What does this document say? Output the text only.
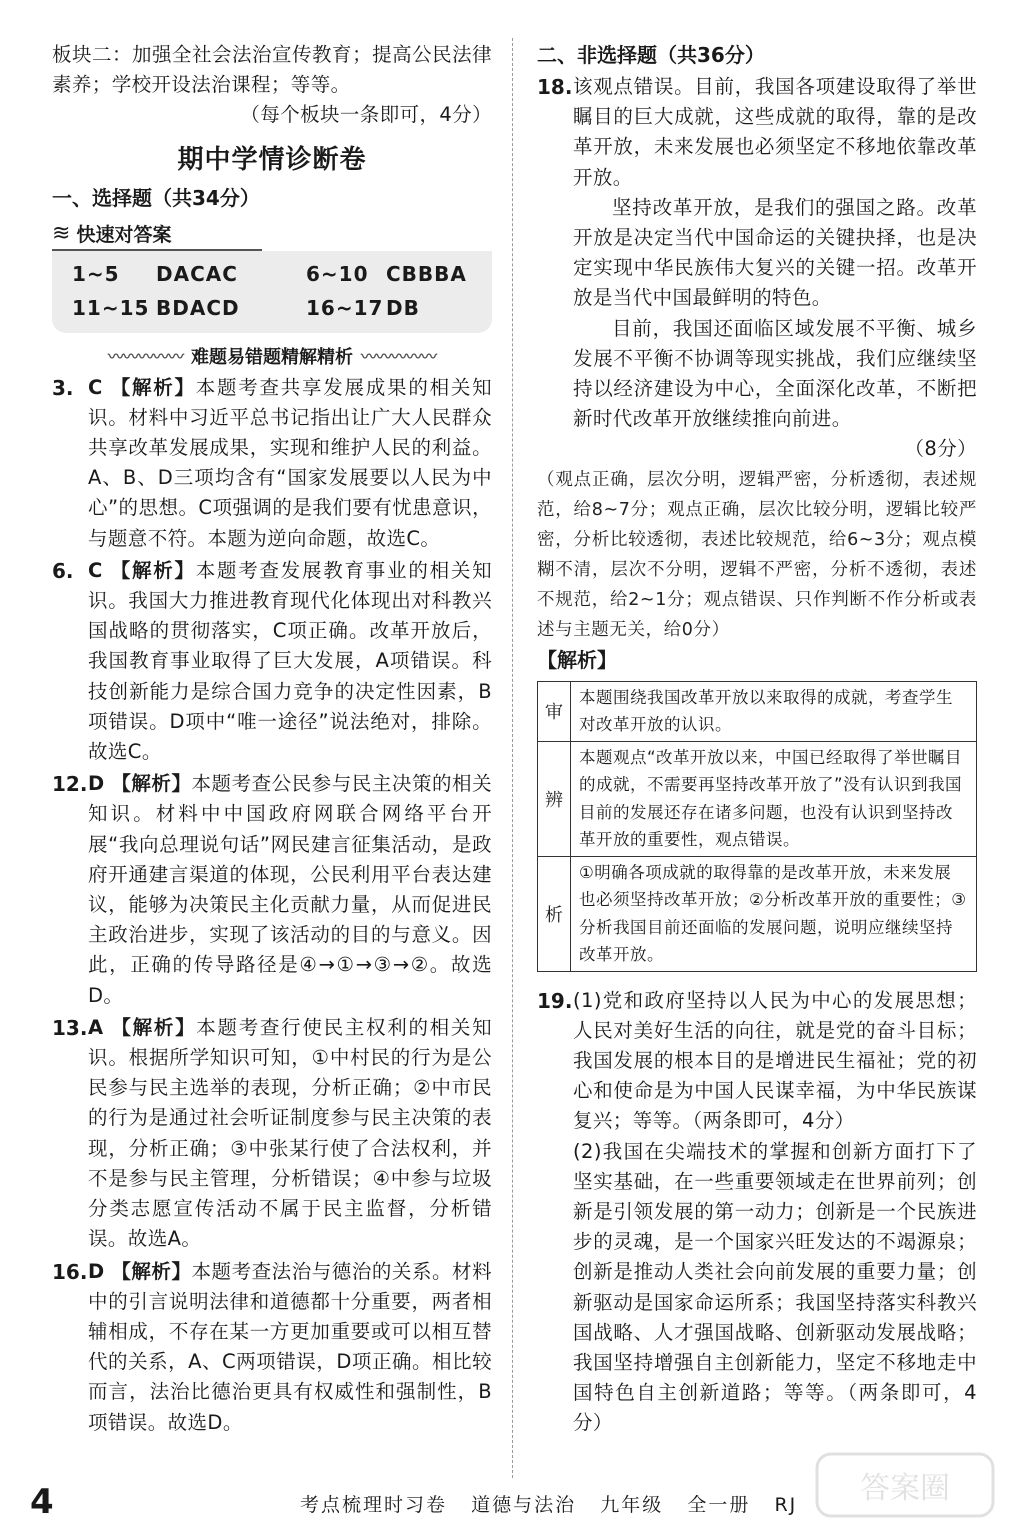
板块二：加强全社会法治宣传教育；提高公民法律素养；学校开设法治课程；等等。

（每个板块一条即可，4分）

期中学情诊断卷
一、选择题（共34分）
≋ 快速对答案
1~5	DACAC	6~10 CBBBA
11~15 BDACD	16~17 DB
〰〰〰〰〰 难题易错题精解精析 〰〰〰〰〰
3. C 【解析】本题考查共享发展成果的相关知识。材料中习近平总书记指出让广大人民群众共享改革发展成果，实现和维护人民的利益。A、B、D三项均含有“国家发展要以人民为中心”的思想。C项强调的是我们要有忧患意识，与题意不符。本题为逆向命题，故选C。

6. C 【解析】本题考查发展教育事业的相关知识。我国大力推进教育现代化体现出对科教兴国战略的贯彻落实，C项正确。改革开放后，我国教育事业取得了巨大发展，A项错误。科技创新能力是综合国力竞争的决定性因素，B项错误。D项中“唯一途径”说法绝对，排除。故选C。

12. D 【解析】本题考查公民参与民主决策的相关知识。材料中中国政府网联合网络平台开展“我向总理说句话”网民建言征集活动，是政府开通建言渠道的体现，公民利用平台表达建议，能够为决策民主化贡献力量，从而促进民主政治进步，实现了该活动的目的与意义。因此，正确的传导路径是④→①→③→②。故选D。

13. A 【解析】本题考查行使民主权利的相关知识。根据所学知识可知，①中村民的行为是公民参与民主选举的表现，分析正确；②中市民的行为是通过社会听证制度参与民主决策的表现，分析正确；③中张某行使了合法权利，并不是参与民主管理，分析错误；④中参与垃圾分类志愿宣传活动不属于民主监督，分析错误。故选A。

16. D 【解析】本题考查法治与德治的关系。材料中的引言说明法律和道德都十分重要，两者相辅相成，不存在某一方更加重要或可以相互替代的关系，A、C两项错误，D项正确。相比较而言，法治比德治更具有权威性和强制性，B项错误。故选D。

二、非选择题（共36分）
18. 该观点错误。目前，我国各项建设取得了举世瞩目的巨大成就，这些成就的取得，靠的是改革开放，未来发展也必须坚定不移地依靠改革开放。

坚持改革开放，是我们的强国之路。改革开放是决定当代中国命运的关键抉择，也是决定实现中华民族伟大复兴的关键一招。改革开放是当代中国最鲜明的特色。

目前，我国还面临区域发展不平衡、城乡发展不平衡不协调等现实挑战，我们应继续坚持以经济建设为中心，全面深化改革，不断把新时代改革开放继续推向前进。

（8分）

（观点正确，层次分明，逻辑严密，分析透彻，表述规范，给8~7分；观点正确，层次比较分明，逻辑比较严密，分析比较透彻，表述比较规范，给6~3分；观点模糊不清，层次不分明，逻辑不严密，分析不透彻，表述不规范，给2~1分；观点错误、只作判断不作分析或表述与主题无关，给0分）

【解析】
审	本题围绕我国改革开放以来取得的成就，考查学生对改革开放的认识。
辨	本题观点“改革开放以来，中国已经取得了举世瞩目的成就，不需要再坚持改革开放了”没有认识到我国目前的发展还存在诸多问题，也没有认识到坚持改革开放的重要性，观点错误。
析	①明确各项成就的取得靠的是改革开放，未来发展也必须坚持改革开放；②分析改革开放的重要性；③分析我国目前还面临的发展问题，说明应继续坚持改革开放。
19. (1)党和政府坚持以人民为中心的发展思想；人民对美好生活的向往，就是党的奋斗目标；我国发展的根本目的是增进民生福祉；党的初心和使命是为中国人民谋幸福，为中华民族谋复兴；等等。（两条即可，4分）

(2)我国在尖端技术的掌握和创新方面打下了坚实基础，在一些重要领域走在世界前列；创新是引领发展的第一动力；创新是一个民族进步的灵魂，是一个国家兴旺发达的不竭源泉；创新是推动人类社会向前发展的重要力量；创新驱动是国家命运所系；我国坚持落实科教兴国战略、人才强国战略、创新驱动发展战略；我国坚持增强自主创新能力，坚定不移地走中国特色自主创新道路；等等。（两条即可，4分）

4	考点梳理时习卷   道德与法治   九年级   全一册   RJ 答案圈
